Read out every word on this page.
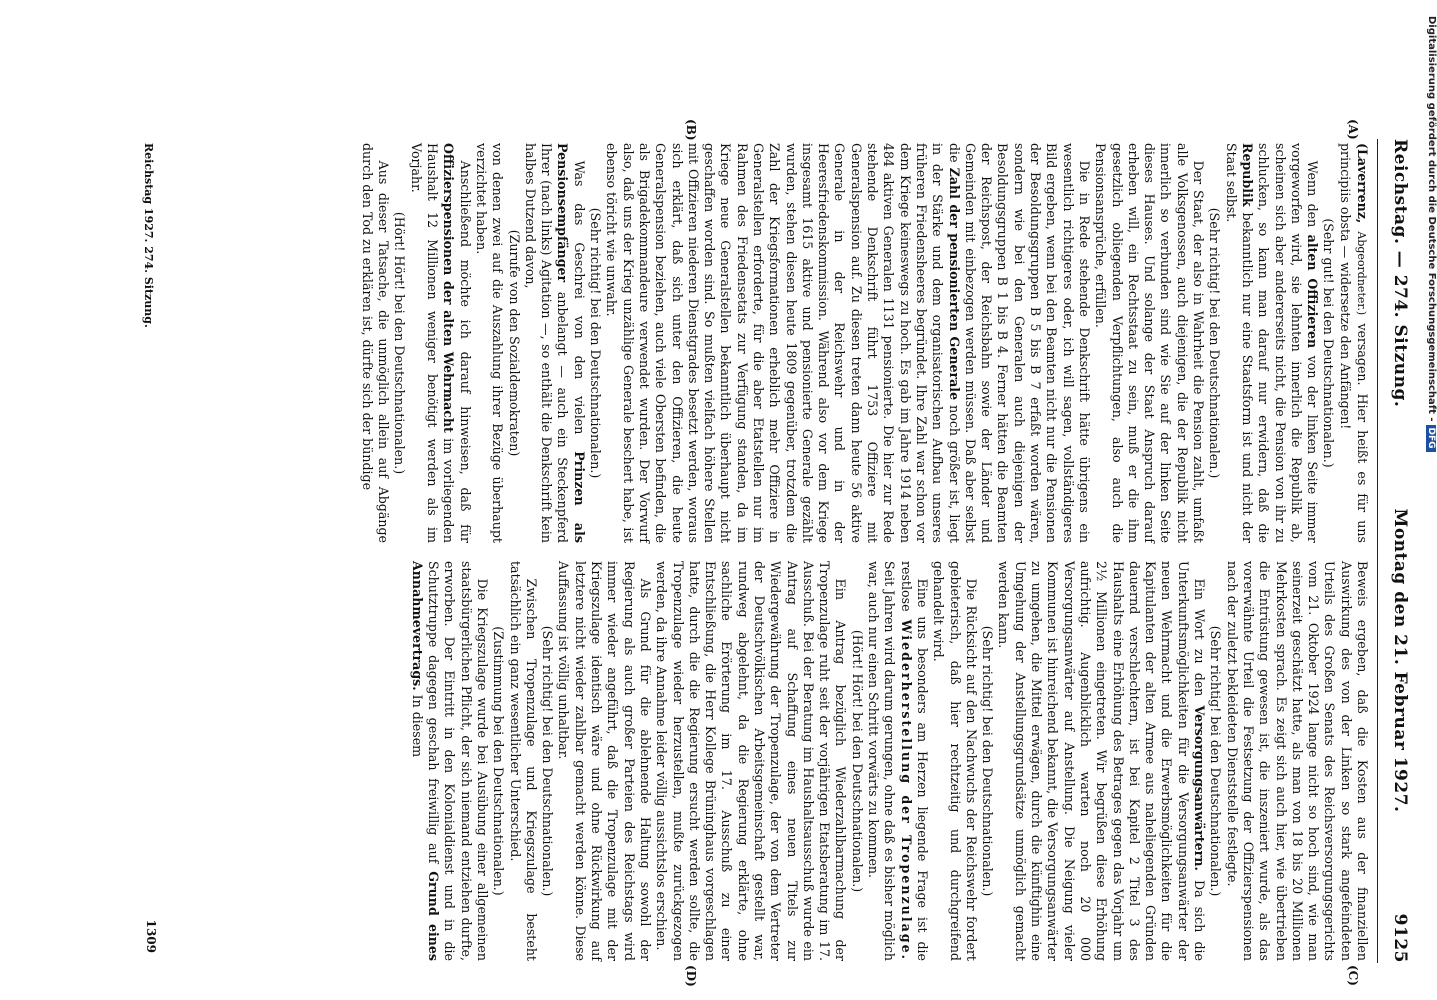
Reichstag. — 274. Sitzung.
Montag den 21. Februar 1927.
9125
(A)
(B)
(C)
(D)

(Laverrenz, Abgeordneter.) versagen. Hier heißt es für uns principiis obsta — widersetze den Anfängen!

(Sehr gut! bei den Deutschnationalen.)

Wenn den alten Offizieren von der linken Seite immer vorgeworfen wird, sie lehnten innerlich die Republik ab, scheinen sich aber andererseits nicht, die Pension von ihr zu schlucken, so kann man darauf nur erwidern, daß die Republik bekanntlich nur eine Staatsform ist und nicht der Staat selbst.

(Sehr richtig! bei den Deutschnationalen.)

Der Staat, der also in Wahrheit die Pension zahlt, umfaßt alle Volksgenossen, auch diejenigen, die der Republik nicht innerlich so verbunden sind wie Sie auf der linken Seite dieses Hauses. Und solange der Staat Anspruch darauf erheben will, ein Rechtsstaat zu sein, muß er die ihm gesetzlich obliegenden Verpflichtungen, also auch die Pensionsansprüche, erfüllen.

Die in Rede stehende Denkschrift hätte übrigens ein wesentlich richtigeres oder, ich will sagen, vollständigeres Bild ergeben, wenn bei den Beamten nicht nur die Pensionen der Besoldungsgruppen B 5 bis B 7 erfaßt worden wären, sondern wie bei den Generalen auch diejenigen der Besoldungsgruppen B 1 bis B 4. Ferner hätten die Beamten der Reichspost, der Reichsbahn sowie der Länder und Gemeinden mit einbezogen werden müssen. Daß aber selbst die Zahl der pensionierten Generale noch größer ist, liegt in der Stärke und dem organisatorischen Aufbau unseres früheren Friedensheeres begründet. Ihre Zahl war schon vor dem Kriege keineswegs zu hoch. Es gab im Jahre 1914 neben 484 aktiven Generalen 1131 pensionierte. Die hier zur Rede stehende Denkschrift führt 1753 Offiziere mit Generalspension auf. Zu diesen treten dann heute 56 aktive Generale in der Reichswehr und in der Heeresfriedenskommission. Während also vor dem Kriege insgesamt 1615 aktive und pensionierte Generale gezählt wurden, stehen diesen heute 1809 gegenüber, trotzdem die Zahl der Kriegsformationen erheblich mehr Offiziere in Generalstellen erforderte, für die aber Etatstellen nur im Rahmen des Friedensetats zur Verfügung standen, da im Kriege neue Generalstellen bekanntlich überhaupt nicht geschaffen worden sind. So mußten vielfach höhere Stellen mit Offizieren niederen Dienstgrades besetzt werden, woraus sich erklärt, daß sich unter den Offizieren, die heute Generalspension beziehen, auch viele Obersten befinden, die als Brigadekommandeure verwendet wurden. Der Vorwurf also, daß uns der Krieg unzählige Generale beschert habe, ist ebenso töricht wie unwahr.

(Sehr richtig! bei den Deutschnationalen.)

Was das Geschrei von den vielen Prinzen als Pensionsempfänger anbelangt — auch ein Steckenpferd Ihrer (nach links) Agitation —, so enthält die Denkschrift kein halbes Dutzend davon,

(Zurufe von den Sozialdemokraten)

von denen zwei auf die Auszahlung ihrer Bezüge überhaupt verzichtet haben.

Anschließend möchte ich darauf hinweisen, daß für Offizierspensionen der alten Wehrmacht im vorliegenden Haushalt 12 Millionen weniger benötigt werden als im Vorjahr.

(Hört! Hört! bei den Deutschnationalen.)

Aus dieser Tatsache, die unmöglich allein auf Abgänge durch den Tod zu erklären ist, dürfte sich der bündige

Beweis ergeben, daß die Kosten aus der finanziellen Auswirkung des von der Linken so stark angefeindeten Urteils des Großen Senats des Reichsversorgungsgerichts vom 21. Oktober 1924 lange nicht so hoch sind, wie man seinerzeit geschätzt hatte, als man von 18 bis 20 Millionen Mehrkosten sprach. Es zeigt sich auch hier, wie übertrieben die Entrüstung gewesen ist, die inszeniert wurde, als das vorerwähnte Urteil die Festsetzung der Offizierspensionen nach der zuletzt bekleideten Dienststelle festlegte.

(Sehr richtig! bei den Deutschnationalen.)

Ein Wort zu den Versorgungsanwärtern. Da sich die Unterkunftsmöglichkeiten für die Versorgungsanwärter der neuen Wehrmacht und die Erwerbsmöglichkeiten für die Kapitulanten der alten Armee aus naheliegenden Gründen dauernd verschlechtern, ist bei Kapitel 2 Titel 3 des Haushalts eine Erhöhung des Betrages gegen das Vorjahr um 2½ Millionen eingetreten. Wir begrüßen diese Erhöhung aufrichtig. Augenblicklich warten noch 20 000 Versorgungsanwärter auf Anstellung. Die Neigung vieler Kommunen ist hinreichend bekannt, die Versorgungsanwärter zu umgehen, die Mittel erwägen, durch die künftighin eine Umgehung der Anstellungsgrundsätze unmöglich gemacht werden kann.

(Sehr richtig! bei den Deutschnationalen.)

Die Rücksicht auf den Nachwuchs der Reichswehr fordert gebieterisch, daß hier rechtzeitig und durchgreifend gehandelt wird.

Eine uns besonders am Herzen liegende Frage ist die restlose Wiederherstellung der Tropenzulage. Seit Jahren wird darum gerungen, ohne daß es bisher möglich war, auch nur einen Schritt vorwärts zu kommen.

(Hört! Hört! bei den Deutschnationalen.)

Ein Antrag bezüglich Wiederzahlbarmachung der Tropenzulage ruht seit der vorjährigen Etatsberatung im 17. Ausschuß. Bei der Beratung im Haushaltsausschuß wurde ein Antrag auf Schaffung eines neuen Titels zur Wiedergewährung der Tropenzulage, der von dem Vertreter der Deutschvölkischen Arbeitsgemeinschaft gestellt war, rundweg abgelehnt, da die Regierung erklärte, ohne sachliche Erörterung im 17. Ausschuß zu einer Entschließung, die Herr Kollege Brüninghaus vorgeschlagen hatte, durch die die Regierung ersucht werden sollte, die Tropenzulage wieder herzustellen, mußte zurückgezogen werden, da ihre Annahme leider völlig aussichtslos erschien.

Als Grund für die ablehnende Haltung sowohl der Regierung als auch großer Parteien des Reichstags wird immer wieder angeführt, daß die Tropenzulage mit der Kriegszulage identisch wäre und ohne Rückwirkung auf letztere nicht wieder zahlbar gemacht werden könne. Diese Auffassung ist völlig unhaltbar.

(Sehr richtig! bei den Deutschnationalen.)

Zwischen Tropenzulage und Kriegszulage besteht tatsächlich ein ganz wesentlicher Unterschied.

(Zustimmung bei den Deutschnationalen.)

Die Kriegszulage wurde bei Ausübung einer allgemeinen staatsbürgerlichen Pflicht, der sich niemand entziehen durfte, erworben. Der Eintritt in den Kolonialdienst und in die Schutztruppe dagegen geschah freiwillig auf Grund eines Annahmevertrags. In diesem

Reichstag 1927. 274. Sitzung.
1309
Digitalisierung gefördert durch die Deutsche Forschungsgemeinschaft -DFG
